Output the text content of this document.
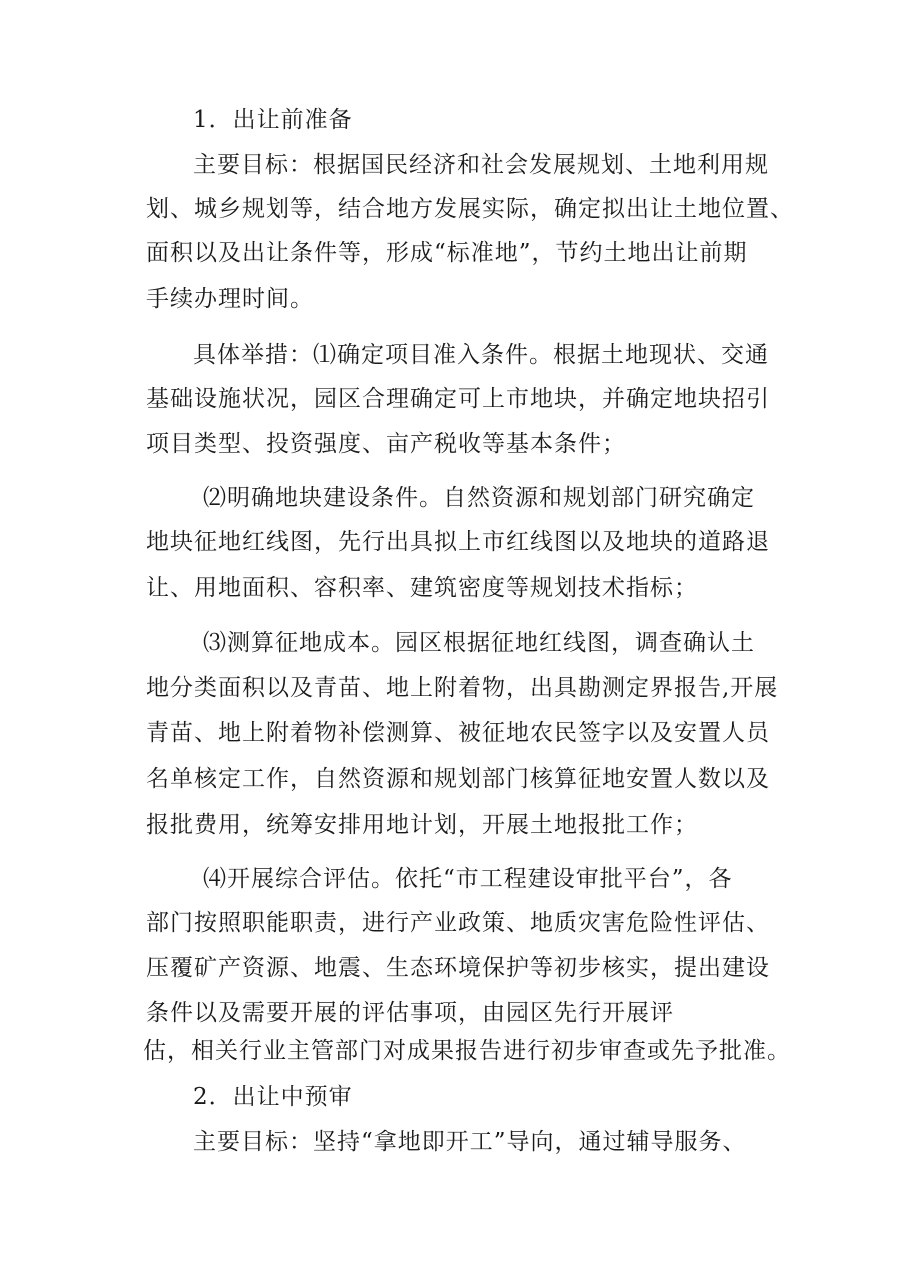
1．出让前准备
主要目标：根据国民经济和社会发展规划、土地利用规
划、城乡规划等，结合地方发展实际，确定拟出让土地位置、
面积以及出让条件等，形成“标准地”，节约土地出让前期
手续办理时间。
具体举措：⑴确定项目准入条件。根据土地现状、交通
基础设施状况，园区合理确定可上市地块，并确定地块招引
项目类型、投资强度、亩产税收等基本条件；
⑵明确地块建设条件。自然资源和规划部门研究确定
地块征地红线图，先行出具拟上市红线图以及地块的道路退
让、用地面积、容积率、建筑密度等规划技术指标；
⑶测算征地成本。园区根据征地红线图，调查确认土
地分类面积以及青苗、地上附着物，出具勘测定界报告,开展
青苗、地上附着物补偿测算、被征地农民签字以及安置人员
名单核定工作，自然资源和规划部门核算征地安置人数以及
报批费用，统筹安排用地计划，开展土地报批工作；
⑷开展综合评估。依托“市工程建设审批平台”，各
部门按照职能职责，进行产业政策、地质灾害危险性评估、
压覆矿产资源、地震、生态环境保护等初步核实，提出建设
条件以及需要开展的评估事项，由园区先行开展评
估，相关行业主管部门对成果报告进行初步审查或先予批准。
2．出让中预审
主要目标：坚持“拿地即开工”导向，通过辅导服务、
